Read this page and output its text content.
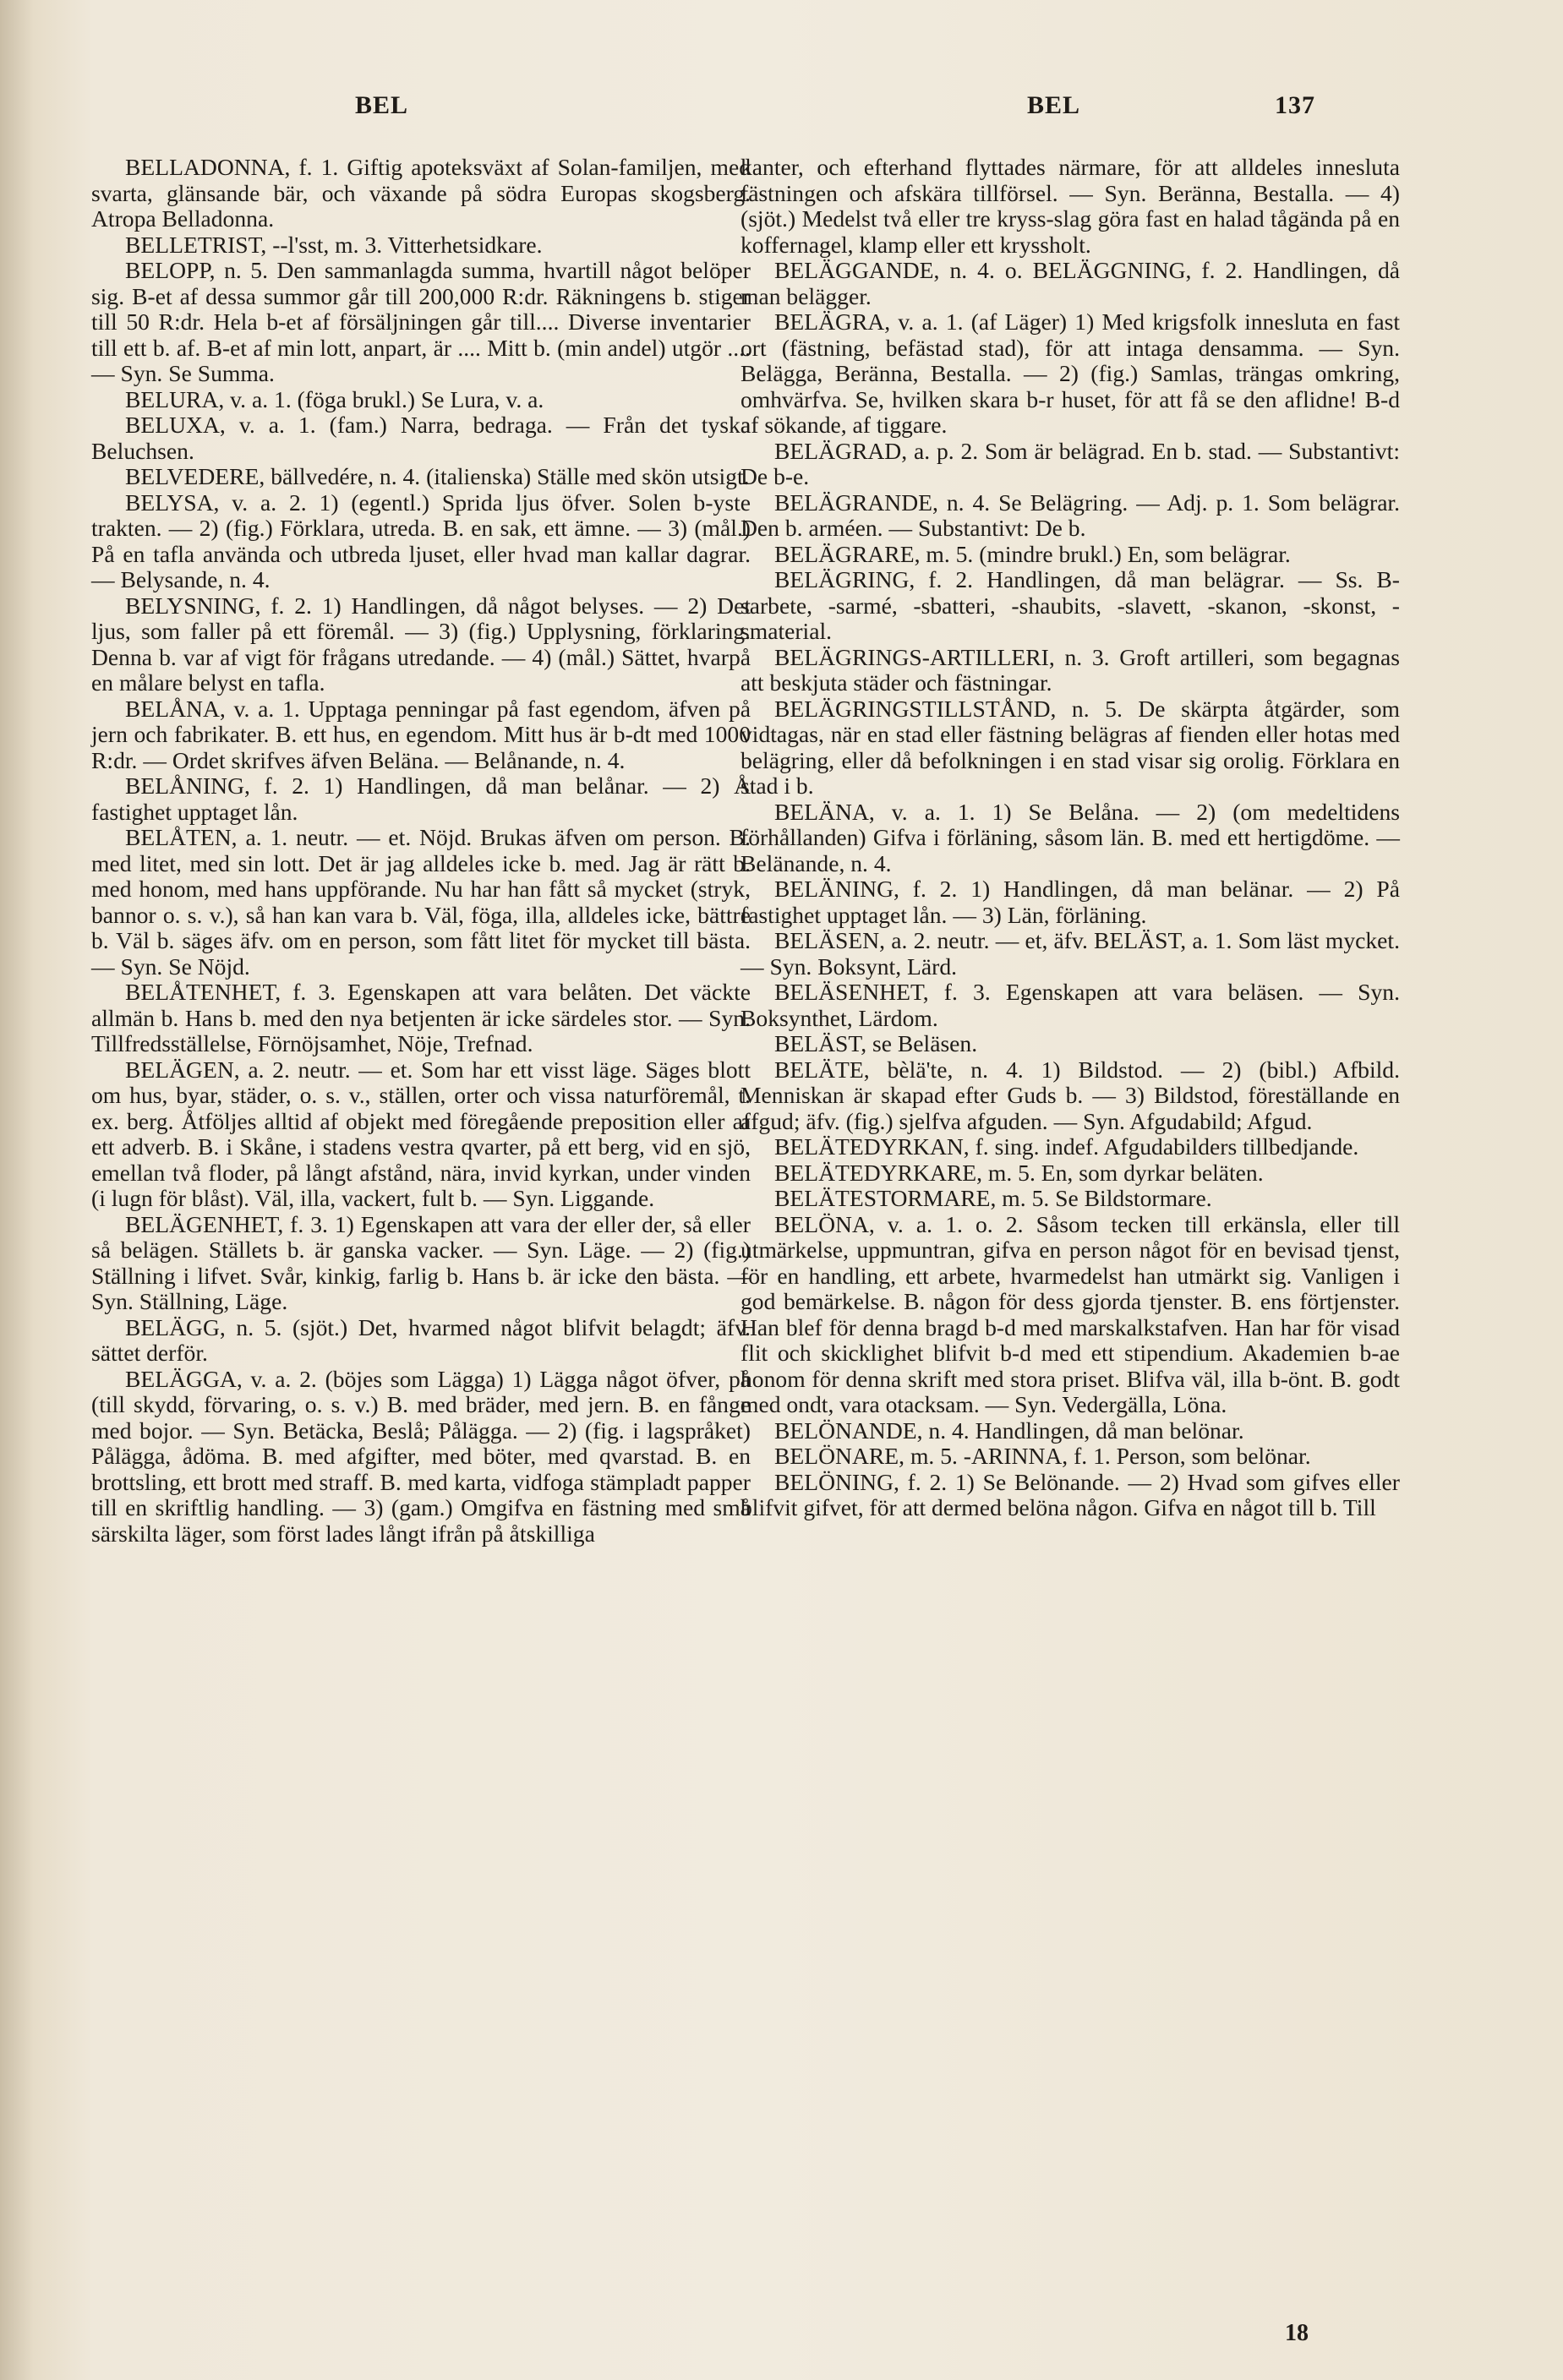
BEL	BEL	137

BELLADONNA, f. 1. Giftig apoteksväxt af Solan-familjen, med svarta, glänsande bär, och växande på södra Europas skogsberg. Atropa Belladonna.

BELLETRIST, --l'sst, m. 3. Vitterhetsidkare.

BELOPP, n. 5. Den sammanlagda summa, hvartill något belöper sig. B-et af dessa summor går till 200,000 R:dr. Räkningens b. stiger till 50 R:dr. Hela b-et af försäljningen går till.... Diverse inventarier till ett b. af. B-et af min lott, anpart, är .... Mitt b. (min andel) utgör .... — Syn. Se Summa.

BELURA, v. a. 1. (föga brukl.) Se Lura, v. a.

BELUXA, v. a. 1. (fam.) Narra, bedraga. — Från det tyska Beluchsen.

BELVEDERE, bällvedére, n. 4. (italienska) Ställe med skön utsigt.

BELYSA, v. a. 2. 1) (egentl.) Sprida ljus öfver. Solen b-yste trakten. — 2) (fig.) Förklara, utreda. B. en sak, ett ämne. — 3) (mål.) På en tafla använda och utbreda ljuset, eller hvad man kallar dagrar. — Belysande, n. 4.

BELYSNING, f. 2. 1) Handlingen, då något belyses. — 2) Det ljus, som faller på ett föremål. — 3) (fig.) Upplysning, förklaring. Denna b. var af vigt för frågans utredande. — 4) (mål.) Sättet, hvarpå en målare belyst en tafla.

BELÅNA, v. a. 1. Upptaga penningar på fast egendom, äfven på jern och fabrikater. B. ett hus, en egendom. Mitt hus är b-dt med 1000 R:dr. — Ordet skrifves äfven Beläna. — Belånande, n. 4.

BELÅNING, f. 2. 1) Handlingen, då man belånar. — 2) Å fastighet upptaget lån.

BELÅTEN, a. 1. neutr. — et. Nöjd. Brukas äfven om person. B. med litet, med sin lott. Det är jag alldeles icke b. med. Jag är rätt b. med honom, med hans uppförande. Nu har han fått så mycket (stryk, bannor o. s. v.), så han kan vara b. Väl, föga, illa, alldeles icke, bättre b. Väl b. säges äfv. om en person, som fått litet för mycket till bästa. — Syn. Se Nöjd.

BELÅTENHET, f. 3. Egenskapen att vara belåten. Det väckte allmän b. Hans b. med den nya betjenten är icke särdeles stor. — Syn. Tillfredsställelse, Förnöjsamhet, Nöje, Trefnad.

BELÄGEN, a. 2. neutr. — et. Som har ett visst läge. Säges blott om hus, byar, städer, o. s. v., ställen, orter och vissa naturföremål, t. ex. berg. Åtföljes alltid af objekt med föregående preposition eller af ett adverb. B. i Skåne, i stadens vestra qvarter, på ett berg, vid en sjö, emellan två floder, på långt afstånd, nära, invid kyrkan, under vinden (i lugn för blåst). Väl, illa, vackert, fult b. — Syn. Liggande.

BELÄGENHET, f. 3. 1) Egenskapen att vara der eller der, så eller så belägen. Ställets b. är ganska vacker. — Syn. Läge. — 2) (fig.) Ställning i lifvet. Svår, kinkig, farlig b. Hans b. är icke den bästa. — Syn. Ställning, Läge.

BELÄGG, n. 5. (sjöt.) Det, hvarmed något blifvit belagdt; äfv. sättet derför.

BELÄGGA, v. a. 2. (böjes som Lägga) 1) Lägga något öfver, på (till skydd, förvaring, o. s. v.) B. med bräder, med jern. B. en fånge med bojor. — Syn. Betäcka, Beslå; Pålägga. — 2) (fig. i lagspråket) Pålägga, ådöma. B. med afgifter, med böter, med qvarstad. B. en brottsling, ett brott med straff. B. med karta, vidfoga stämpladt papper till en skriftlig handling. — 3) (gam.) Omgifva en fästning med små särskilta läger, som först lades långt ifrån på åtskilliga

kanter, och efterhand flyttades närmare, för att alldeles innesluta fästningen och afskära tillförsel. — Syn. Beränna, Bestalla. — 4) (sjöt.) Medelst två eller tre kryss-slag göra fast en halad tågända på en koffernagel, klamp eller ett kryssholt.

BELÄGGANDE, n. 4. o. BELÄGGNING, f. 2. Handlingen, då man belägger.

BELÄGRA, v. a. 1. (af Läger) 1) Med krigsfolk inneslutа en fast ort (fästning, befästad stad), för att intaga densamma. — Syn. Belägga, Beränna, Bestalla. — 2) (fig.) Samlas, trängas omkring, omhvärfva. Se, hvilken skara b-r huset, för att få se den aflidne! B-d af sökande, af tiggare.

BELÄGRAD, a. p. 2. Som är belägrad. En b. stad. — Substantivt: De b-e.

BELÄGRANDE, n. 4. Se Belägring. — Adj. p. 1. Som belägrar. Den b. arméen. — Substantivt: De b.

BELÄGRARE, m. 5. (mindre brukl.) En, som belägrar.

BELÄGRING, f. 2. Handlingen, då man belägrar. — Ss. B-sarbete, -sarmé, -sbatteri, -shaubits, -slavett, -skanon, -skonst, -smaterial.

BELÄGRINGS-ARTILLERI, n. 3. Groft artilleri, som begagnas att beskjuta städer och fästningar.

BELÄGRINGSTILLSTÅND, n. 5. De skärpta åtgärder, som vidtagas, när en stad eller fästning belägras af fienden eller hotas med belägring, eller då befolkningen i en stad visar sig orolig. Förklara en stad i b.

BELÄNA, v. a. 1. 1) Se Belåna. — 2) (om medeltidens förhållanden) Gifva i förläning, såsom län. B. med ett hertigdöme. — Belänande, n. 4.

BELÄNING, f. 2. 1) Handlingen, då man belänar. — 2) På fastighet upptaget lån. — 3) Län, förläning.

BELÄSEN, a. 2. neutr. — et, äfv. BELÄST, a. 1. Som läst mycket. — Syn. Boksynt, Lärd.

BELÄSENHET, f. 3. Egenskapen att vara beläsen. — Syn. Boksynthet, Lärdom.

BELÄST, se Beläsen.

BELÄTE, bèlä'te, n. 4. 1) Bildstod. — 2) (bibl.) Afbild. Menniskan är skapad efter Guds b. — 3) Bildstod, föreställande en afgud; äfv. (fig.) sjelfva afguden. — Syn. Afgudabild; Afgud.

BELÄTEDYRKAN, f. sing. indef. Afgudabilders tillbedjande.

BELÄTEDYRKARE, m. 5. En, som dyrkar beläten.

BELÄTESTORMARE, m. 5. Se Bildstormare.

BELÖNA, v. a. 1. o. 2. Såsom tecken till erkänsla, eller till utmärkelse, uppmuntran, gifva en person något för en bevisad tjenst, för en handling, ett arbete, hvarmedelst han utmärkt sig. Vanligen i god bemärkelse. B. någon för dess gjorda tjenster. B. ens förtjenster. Han blef för denna bragd b-d med marskalkstafven. Han har för visad flit och skicklighet blifvit b-d med ett stipendium. Akademien b-ae honom för denna skrift med stora priset. Blifva väl, illa b-önt. B. godt med ondt, vara otacksam. — Syn. Vedergälla, Löna.

BELÖNANDE, n. 4. Handlingen, då man belönar.

BELÖNARE, m. 5. -ARINNA, f. 1. Person, som belönar.

BELÖNING, f. 2. 1) Se Belönande. — 2) Hvad som gifves eller blifvit gifvet, för att dermed belöna någon. Gifva en något till b. Till

18
